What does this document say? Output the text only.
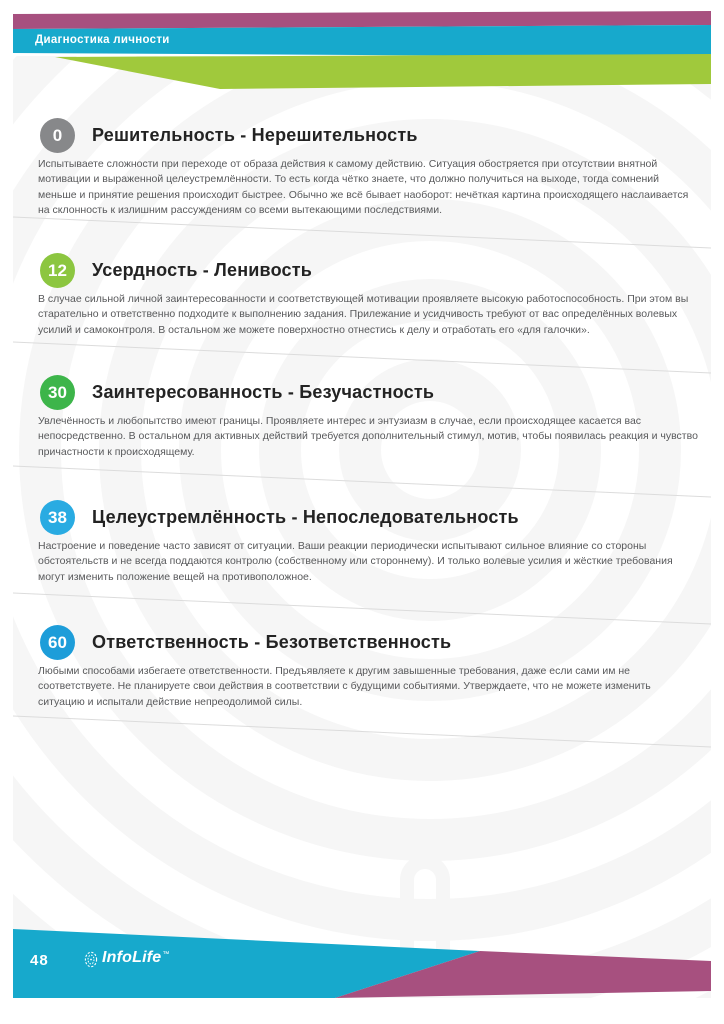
Диагностика личности
0	Решительность - Нерешительность

Испытываете сложности при переходе от образа действия к самому действию. Ситуация обостряется при отсутствии внятной мотивации и выраженной целеустремлённости. То есть когда чётко знаете, что должно получиться на выходе, тогда сомнений меньше и принятие решения происходит быстрее. Обычно же всё бывает наоборот: нечёткая картина происходящего наслаивается на склонность к излишним рассуждениям со всеми вытекающими последствиями.

12	Усердность - Ленивость

В случае сильной личной заинтересованности и соответствующей мотивации проявляете высокую работоспособность. При этом вы старательно и ответственно подходите к выполнению задания. Прилежание и усидчивость требуют от вас определённых волевых усилий и самоконтроля. В остальном же можете поверхностно отнестись к делу и отработать его «для галочки».

30	Заинтересованность - Безучастность

Увлечённость и любопытство имеют границы. Проявляете интерес и энтузиазм в случае, если происходящее касается вас непосредственно. В остальном для активных действий требуется дополнительный стимул, мотив, чтобы появилась реакция и чувство причастности к происходящему.

38	Целеустремлённость - Непоследовательность

Настроение и поведение часто зависят от ситуации. Ваши реакции периодически испытывают сильное влияние со стороны обстоятельств и не всегда поддаются контролю (собственному или стороннему). И только волевые усилия и жёсткие требования могут изменить положение вещей на противоположное.

60	Ответственность - Безответственность

Любыми способами избегаете ответственности. Предъявляете к другим завышенные требования, даже если сами им не соответствуете. Не планируете свои действия в соответствии с будущими событиями. Утверждаете, что не можете изменить ситуацию и испытали действие непреодолимой силы.

48	InfoLife™
